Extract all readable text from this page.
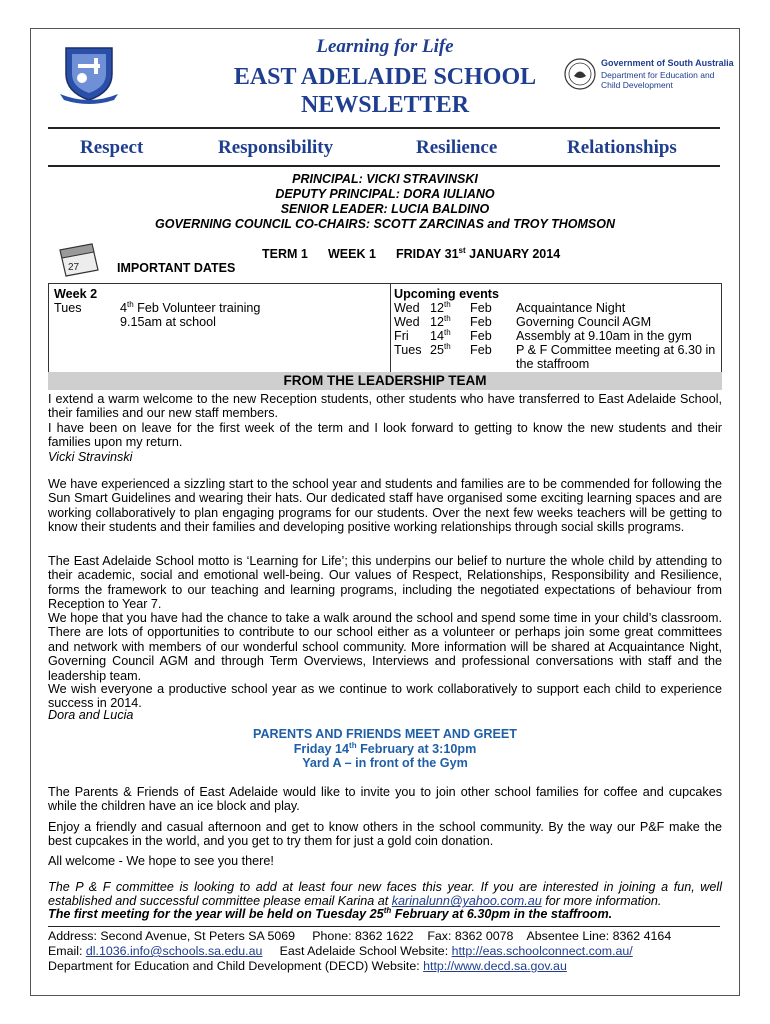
Learning for Life
EAST ADELAIDE SCHOOL
NEWSLETTER
Government of South Australia
Department for Education and
Child Development
Respect	Responsibility	Resilience	Relationships
PRINCIPAL: VICKI STRAVINSKI
DEPUTY PRINCIPAL: DORA IULIANO
SENIOR LEADER: LUCIA BALDINO
GOVERNING COUNCIL CO-CHAIRS: SCOTT ZARCINAS and TROY THOMSON
27
TERM 1 WEEK 1 FRIDAY 31st JANUARY 2014
IMPORTANT DATES
Week 2
Tues	4th Feb Volunteer training
9.15am at school
Upcoming events
Wed	12th	Feb	Acquaintance Night
Wed	12th	Feb	Governing Council AGM
Fri	14th	Feb	Assembly at 9.10am in the gym
Tues	25th	Feb	P & F Committee meeting at 6.30 in the staffroom
FROM THE LEADERSHIP TEAM
I extend a warm welcome to the new Reception students, other students who have transferred to East Adelaide School, their families and our new staff members.
I have been on leave for the first week of the term and I look forward to getting to know the new students and their families upon my return.
Vicki Stravinski
We have experienced a sizzling start to the school year and students and families are to be commended for following the Sun Smart Guidelines and wearing their hats. Our dedicated staff have organised some exciting learning spaces and are working collaboratively to plan engaging programs for our students. Over the next few weeks teachers will be getting to know their students and their families and developing positive working relationships through social skills programs.
The East Adelaide School motto is ‘Learning for Life’; this underpins our belief to nurture the whole child by attending to their academic, social and emotional well-being. Our values of Respect, Relationships, Responsibility and Resilience, forms the framework to our teaching and learning programs, including the negotiated expectations of behaviour from Reception to Year 7.
We hope that you have had the chance to take a walk around the school and spend some time in your child’s classroom. There are lots of opportunities to contribute to our school either as a volunteer or perhaps join some great committees and network with members of our wonderful school community. More information will be shared at Acquaintance Night, Governing Council AGM and through Term Overviews, Interviews and professional conversations with staff and the leadership team.
We wish everyone a productive school year as we continue to work collaboratively to support each child to experience success in 2014.
Dora and Lucia
PARENTS AND FRIENDS MEET AND GREET
Friday 14th February at 3:10pm
Yard A – in front of the Gym
The Parents & Friends of East Adelaide would like to invite you to join other school families for coffee and cupcakes while the children have an ice block and play.
Enjoy a friendly and casual afternoon and get to know others in the school community. By the way our P&F make the best cupcakes in the world, and you get to try them for just a gold coin donation.
All welcome - We hope to see you there!
The P & F committee is looking to add at least four new faces this year. If you are interested in joining a fun, well established and successful committee please email Karina at karinalunn@yahoo.com.au for more information.
The first meeting for the year will be held on Tuesday 25th February at 6.30pm in the staffroom.
Address: Second Avenue, St Peters SA 5069     Phone: 8362 1622    Fax: 8362 0078    Absentee Line: 8362 4164
Email: dl.1036.info@schools.sa.edu.au     East Adelaide School Website: http://eas.schoolconnect.com.au/
Department for Education and Child Development (DECD) Website: http://www.decd.sa.gov.au
